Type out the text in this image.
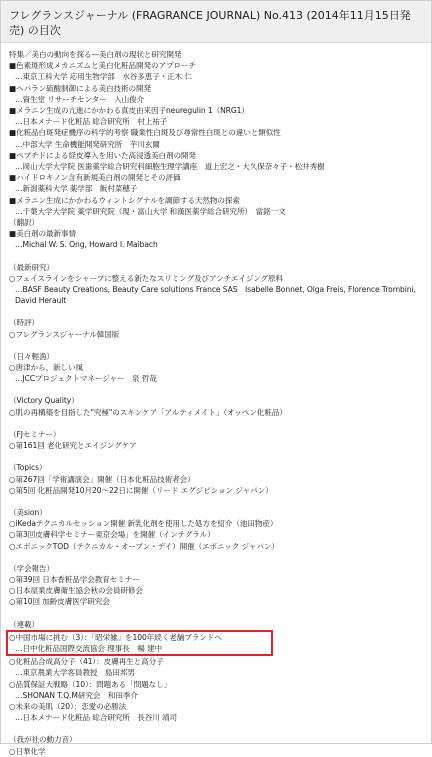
フレグランスジャーナル (FRAGRANCE JOURNAL) No.413 (2014年11月15日発売) の目次
特集／美白の動向を探る—美白剤の現状と研究開発
■色素斑形成メカニズムと美白化粧品開発のアプローチ
…東京工科大学 応用生物学部　水谷多恵子・正木 仁
■ヘパラン硫酸制御による美白技術の開発
…資生堂 リサーチセンター　入山俊介
■メラニン生成の亢進にかかわる真皮由来因子neuregulin 1（NRG1）
…日本メナード化粧品 総合研究所　村上祐子
■化粧品白斑発症機序の科学的考察 職業性白斑及び尋常性白斑との違いと類似性
…中部大学 生命機能開発研究所　芋川玄爾
■ペプチドによる経皮導入を用いた高浸透美白剤の開発
…岡山大学大学院 医歯薬学総合研究科細胞生理学講座　道上宏之・大久保奈々子・松井秀樹
■ハイドロキノン含有新規美白剤の開発とその評価
…新潟薬科大学 薬学部　飯村菜穂子
■メラニン生成にかかわるウィントシグナルを調節する天然物の探索
…千葉大学大学院 薬学研究院（現・富山大学 和漢医薬学総合研究所）　當銘一文
（翻訳）
■美白剤の最新事情
…Michal W. S. Ong, Howard I. Maibach
（最新研究）
○フェイスラインをシャープに整える新たなスリミング及びアンチエイジング原料
…BASF Beauty Creations, Beauty Care solutions France SAS　Isabelle Bonnet, Olga Freis, Florence Trombini, David Herault
（時評）
○フレグランスジャーナル韓国版
（日々輕漁）
○唐津から、新しい風
…JCCプロジェクトマネージャー　泉 哲哉
（Victory Quality）
○肌の再構築を目指した"究極"のスキンケア「アルティメイト」（オッペン化粧品）
（FJセミナー）
○第161回 老化研究とエイジングケア
（Topics）
○第267回「学術講演会」開催（日本化粧品技術者会）
○第5回 化粧品開発10月20～22日に開催（リード エグジビション ジャパン）
（美sion）
○iKedaテクニカルセッション開催 新乳化剤を使用した処方を紹介（池田物産）
○第3回皮膚科学セミナー東京会場」を開催（インテグラル）
○エボニックTOD（テクニカル・オープン・デイ）開催（エボニック ジャパン）
（学会報告）
○第39回 日本香粧品学会教育セミナー
○日本屋業皮膚衛生協会秋の会員研修会
○第10回 加齢皮膚医学研究会
（連載）
○中国市場に挑む（3）：「昭栄雑」を100年続く老舗ブランドへ
…日中化粧品国際交流協会 理事長　楊 建中
○化粧品合成高分子（41）：皮膚再生と高分子
…東京農業大学客員教授　島田邦男
○品質保証大戦略（10）：問題ある「問題なし」
…SHONAN T.Q.M研究会　和田季介
○未来の美肌（20）：恋愛の必勝法
…日本メナード化粧品 総合研究所　長谷川 靖司
（我が社の動力音）
○日華化学
